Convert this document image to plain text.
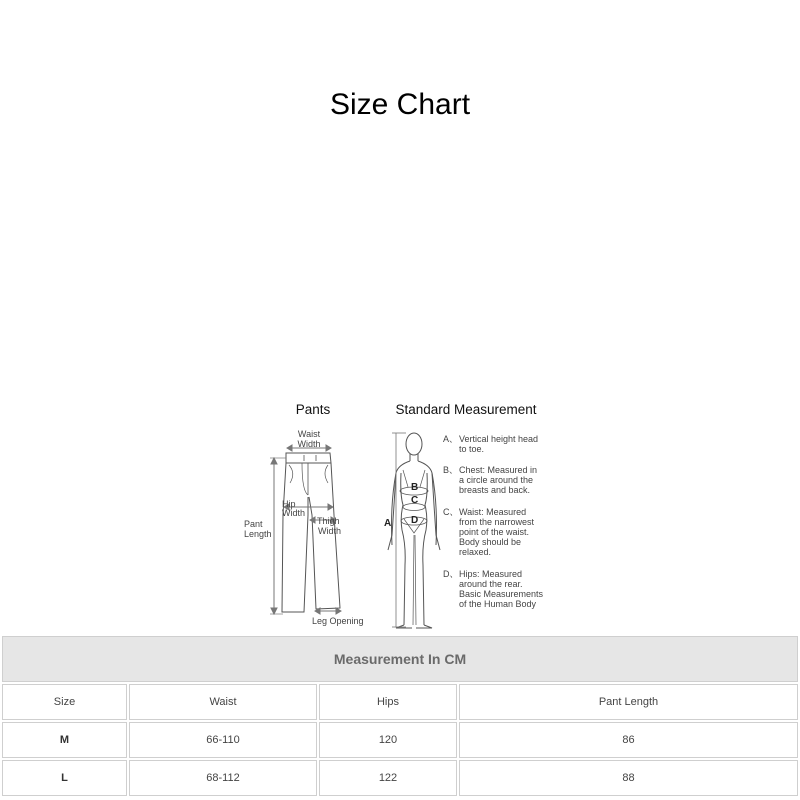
Size Chart
Pants
Waist
Width
Hip
Width
Thigh
Width
Pant
Length
Leg Opening
Standard Measurement
A
B
C
D
A、 Vertical height head
to toe.
B、 Chest: Measured in
a circle around the
breasts and back.
C、 Waist: Measured
from the narrowest
point of the waist.
Body should be
relaxed.
D、 Hips: Measured
around the rear.
Basic Measurements
of the Human Body
Measurement In CM			
Size	Waist	Hips	Pant Length
M	66-110	120	86
L	68-112	122	88
